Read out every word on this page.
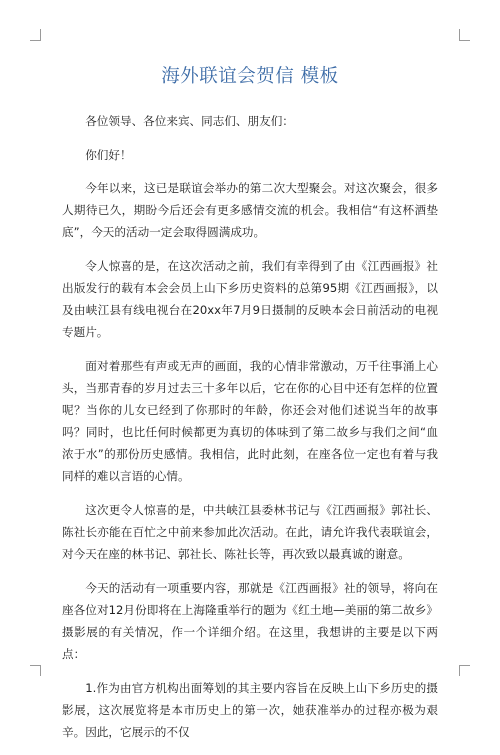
海外联谊会贺信 模板

各位领导、各位来宾、同志们、朋友们：

你们好！

今年以来，这已是联谊会举办的第二次大型聚会。对这次聚会，很多人期待已久，期盼今后还会有更多感情交流的机会。我相信“有这杯酒垫底”，今天的活动一定会取得圆满成功。

令人惊喜的是，在这次活动之前，我们有幸得到了由《江西画报》社出版发行的载有本会会员上山下乡历史资料的总第95期《江西画报》，以及由峡江县有线电视台在20xx年7月9日摄制的反映本会日前活动的电视专题片。

面对着那些有声或无声的画面，我的心情非常激动，万千往事涌上心头，当那青春的岁月过去三十多年以后，它在你的心目中还有怎样的位置呢？当你的儿女已经到了你那时的年龄，你还会对他们述说当年的故事吗？同时，也比任何时候都更为真切的体味到了第二故乡与我们之间“血浓于水”的那份历史感情。我相信，此时此刻，在座各位一定也有着与我同样的难以言语的心情。

这次更令人惊喜的是，中共峡江县委林书记与《江西画报》郭社长、陈社长亦能在百忙之中前来参加此次活动。在此，请允许我代表联谊会，对今天在座的林书记、郭社长、陈社长等，再次致以最真诚的谢意。

今天的活动有一项重要内容，那就是《江西画报》社的领导，将向在座各位对12月份即将在上海隆重举行的题为《红土地—美丽的第二故乡》摄影展的有关情况，作一个详细介绍。在这里，我想讲的主要是以下两点：

1.作为由官方机构出面筹划的其主要内容旨在反映上山下乡历史的摄影展，这次展览将是本市历史上的第一次，她获准举办的过程亦极为艰辛。因此，它展示的不仅
